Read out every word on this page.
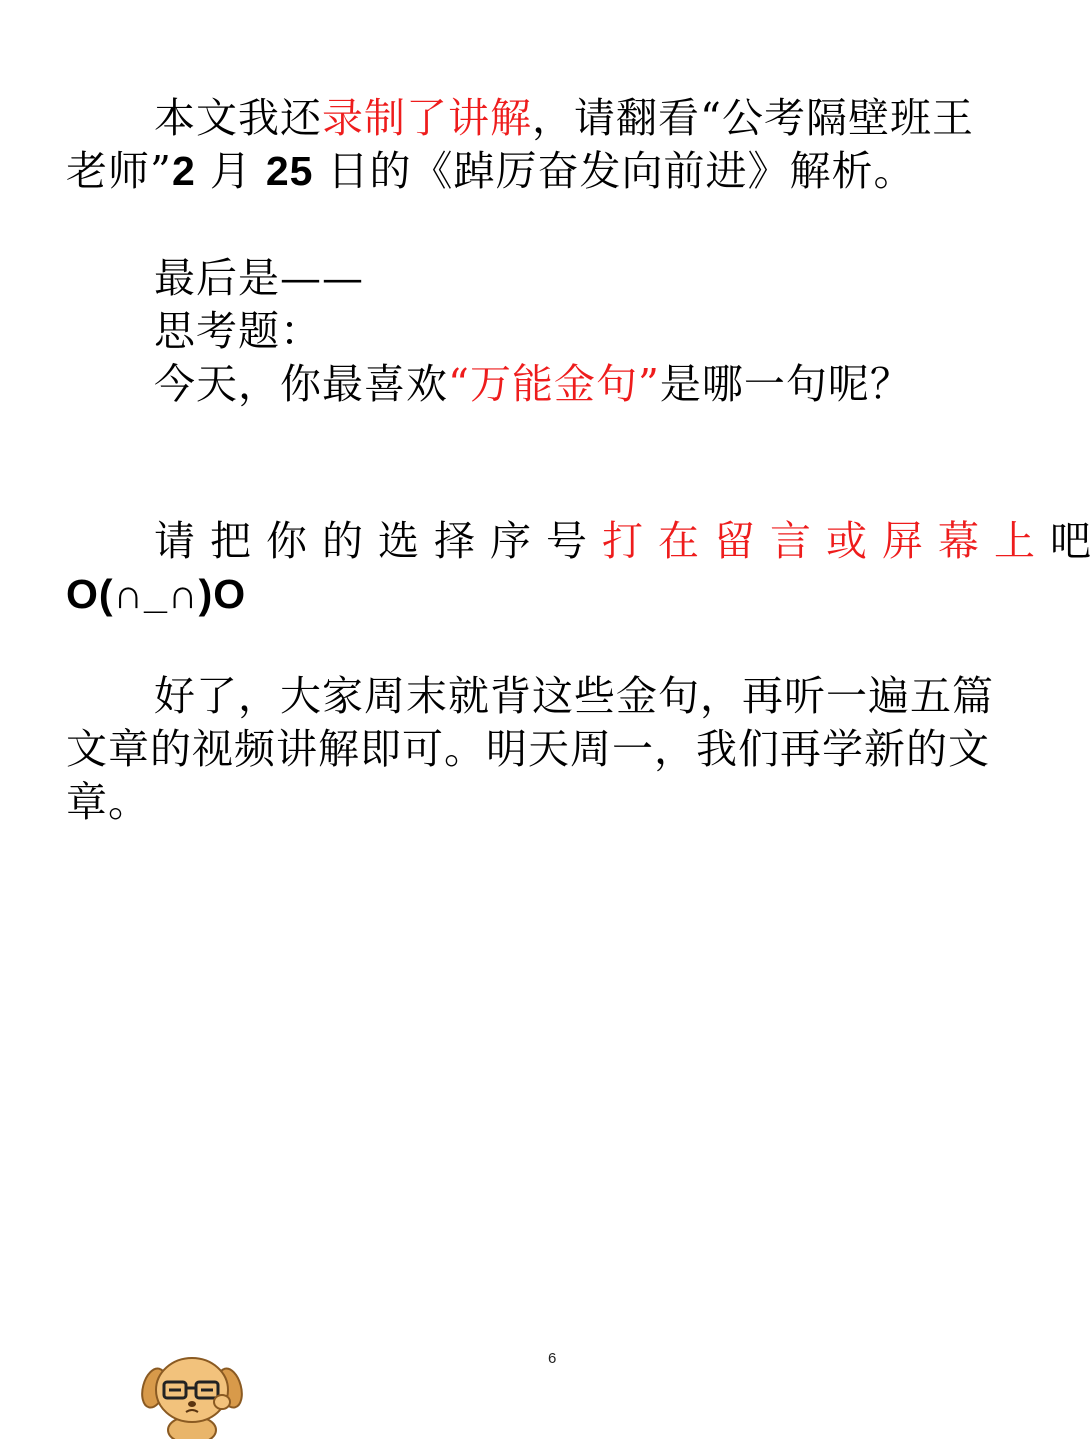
本文我还录制了讲解，请翻看“公考隔壁班王
老师”2 月 25 日的《踔厉奋发向前进》解析。
最后是——
思考题：
今天，你最喜欢“万能金句”是哪一句呢？
请把你的选择序号打在留言或屏幕上吧
O(∩_∩)O
好了，大家周末就背这些金句，再听一遍五篇
文章的视频讲解即可。明天周一，我们再学新的文
章。
6
